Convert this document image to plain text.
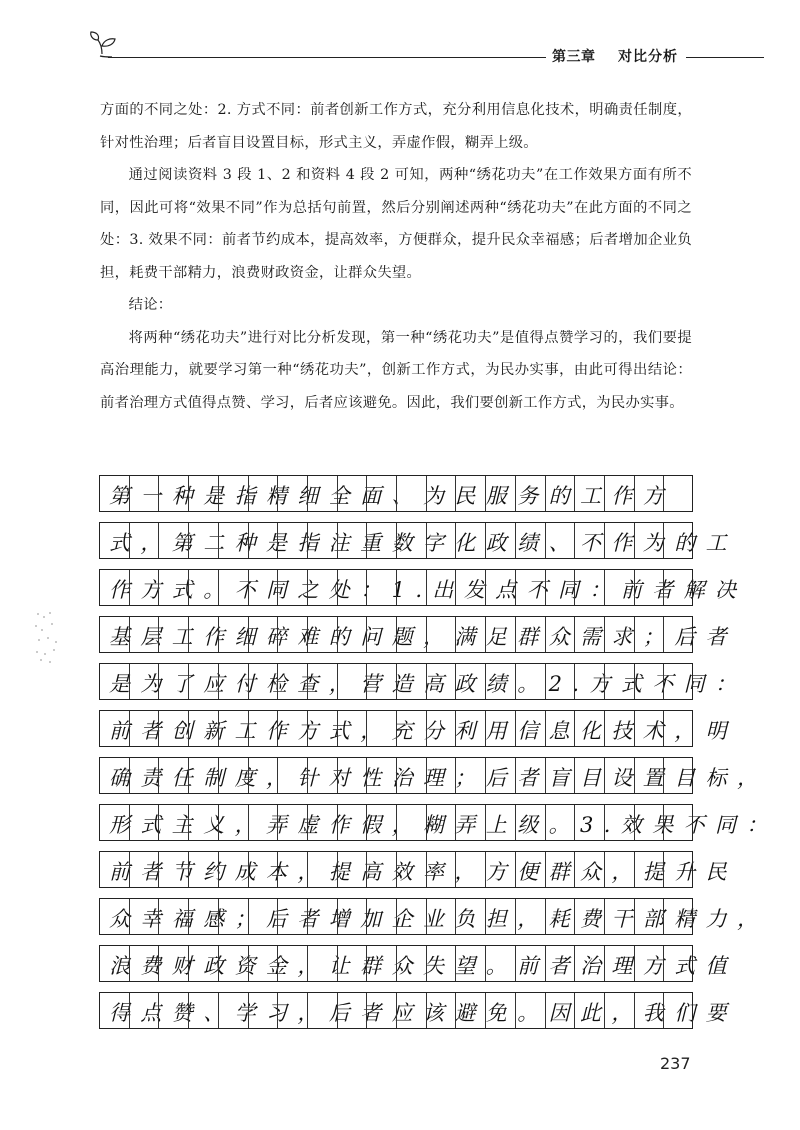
第三章 对比分析

方面的不同之处：2. 方式不同：前者创新工作方式，充分利用信息化技术，明确责任制度，针对性治理；后者盲目设置目标，形式主义，弄虚作假，糊弄上级。

通过阅读资料 3 段 1、2 和资料 4 段 2 可知，两种“绣花功夫”在工作效果方面有所不同，因此可将“效果不同”作为总括句前置，然后分别阐述两种“绣花功夫”在此方面的不同之处：3. 效果不同：前者节约成本，提高效率，方便群众，提升民众幸福感；后者增加企业负担，耗费干部精力，浪费财政资金，让群众失望。

结论：

将两种“绣花功夫”进行对比分析发现，第一种“绣花功夫”是值得点赞学习的，我们要提高治理能力，就要学习第一种“绣花功夫”，创新工作方式，为民办实事，由此可得出结论：前者治理方式值得点赞、学习，后者应该避免。因此，我们要创新工作方式，为民办实事。

第一种是指精细全面、为民服务的工作方
式，第二种是指注重数字化政绩、不作为的工
作方式。不同之处：1.出发点不同：前者解决
基层工作细碎难的问题，满足群众需求；后者
是为了应付检查，营造高政绩。2.方式不同：
前者创新工作方式，充分利用信息化技术，明
确责任制度，针对性治理；后者盲目设置目标，
形式主义，弄虚作假，糊弄上级。3.效果不同：
前者节约成本，提高效率，方便群众，提升民
众幸福感；后者增加企业负担，耗费干部精力，
浪费财政资金，让群众失望。前者治理方式值
得点赞、学习，后者应该避免。因此，我们要
237
